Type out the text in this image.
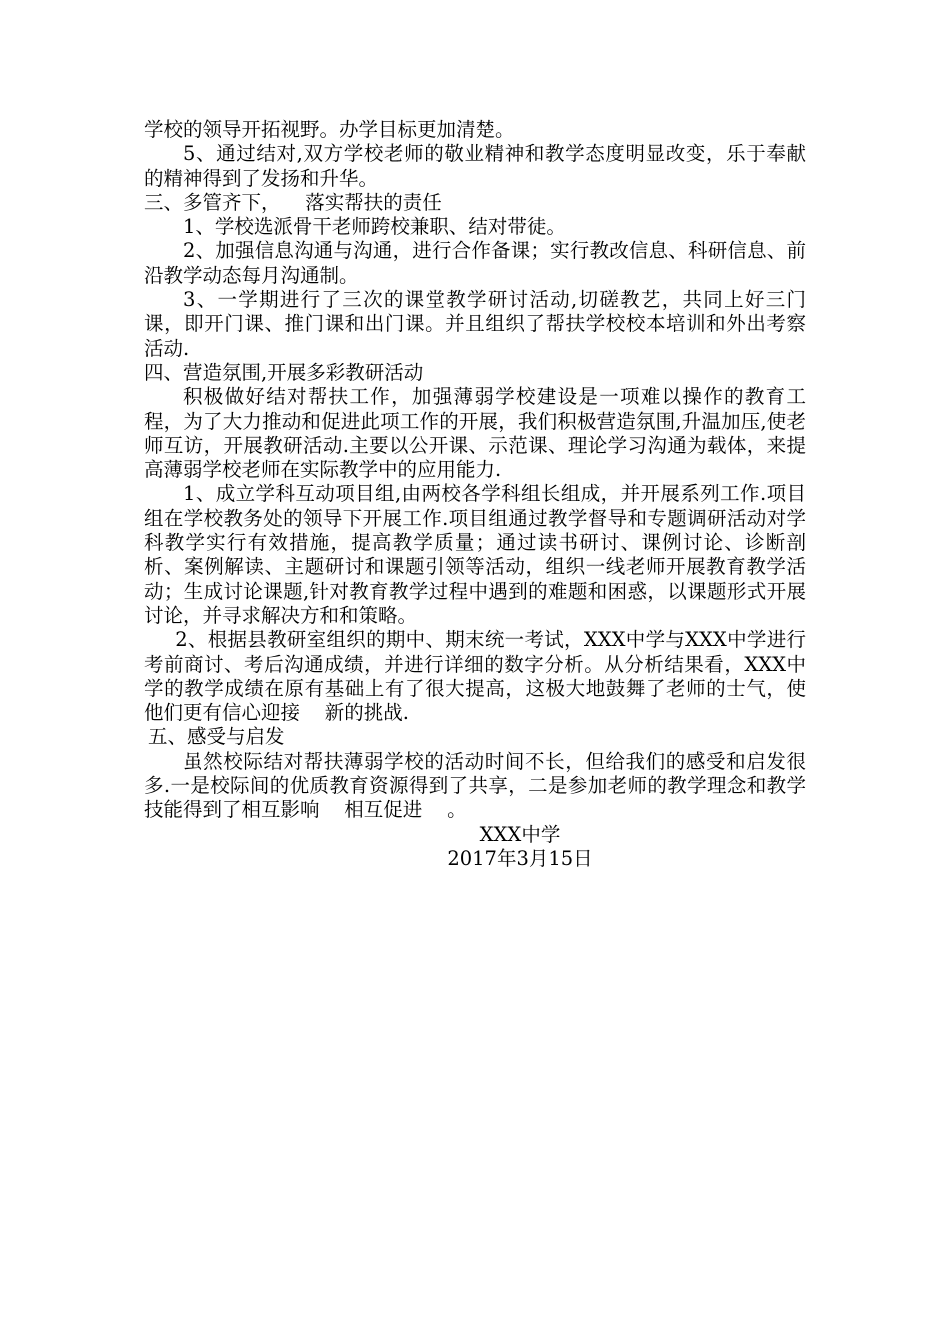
学校的领导开拓视野。办学目标更加清楚。

5、通过结对,双方学校老师的敬业精神和教学态度明显改变，乐于奉献的精神得到了发扬和升华。

三、多管齐下，    落实帮扶的责任

1、学校选派骨干老师跨校兼职、结对带徒。

2、加强信息沟通与沟通，进行合作备课；实行教改信息、科研信息、前沿教学动态每月沟通制。

3、一学期进行了三次的课堂教学研讨活动,切磋教艺，共同上好三门课，即开门课、推门课和出门课。并且组织了帮扶学校校本培训和外出考察活动.

四、营造氛围,开展多彩教研活动

积极做好结对帮扶工作，加强薄弱学校建设是一项难以操作的教育工程，为了大力推动和促进此项工作的开展，我们积极营造氛围,升温加压,使老师互访，开展教研活动.主要以公开课、示范课、理论学习沟通为载体，来提高薄弱学校老师在实际教学中的应用能力.

1、成立学科互动项目组,由两校各学科组长组成，并开展系列工作.项目组在学校教务处的领导下开展工作.项目组通过教学督导和专题调研活动对学科教学实行有效措施，提高教学质量；通过读书研讨、课例讨论、诊断剖析、案例解读、主题研讨和课题引领等活动，组织一线老师开展教育教学活动；生成讨论课题,针对教育教学过程中遇到的难题和困惑，以课题形式开展讨论，并寻求解决方和和策略。

2、根据县教研室组织的期中、期末统一考试，XXX中学与XXX中学进行考前商讨、考后沟通成绩，并进行详细的数字分析。从分析结果看，XXX中学的教学成绩在原有基础上有了很大提高，这极大地鼓舞了老师的士气，使他们更有信心迎接    新的挑战.

五、感受与启发

虽然校际结对帮扶薄弱学校的活动时间不长，但给我们的感受和启发很多.一是校际间的优质教育资源得到了共享，二是参加老师的教学理念和教学技能得到了相互影响    相互促进    。

XXX中学

2017年3月15日
